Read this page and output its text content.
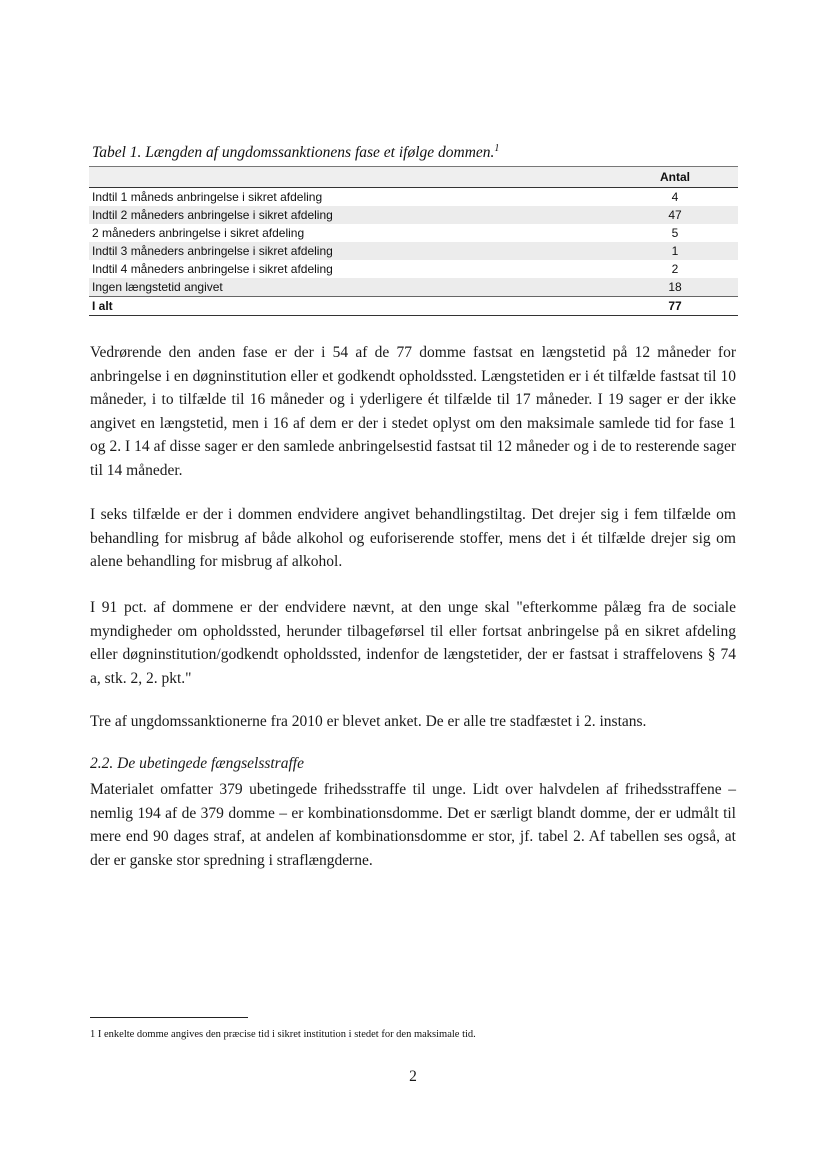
Tabel 1. Længden af ungdomssanktionens fase et ifølge dommen.$^1$
	Antal
Indtil 1 måneds anbringelse i sikret afdeling	4
Indtil 2 måneders anbringelse i sikret afdeling	47
2 måneders anbringelse i sikret afdeling	5
Indtil 3 måneders anbringelse i sikret afdeling	1
Indtil 4 måneders anbringelse i sikret afdeling	2
Ingen længstetid angivet	18
I alt	77

Vedrørende den anden fase er der i 54 af de 77 domme fastsat en længstetid på 12 måneder for anbringelse i en døgninstitution eller et godkendt opholdssted. Længstetiden er i ét tilfælde fastsat til 10 måneder, i to tilfælde til 16 måneder og i yderligere ét tilfælde til 17 måneder. I 19 sager er der ikke angivet en længstetid, men i 16 af dem er der i stedet oplyst om den maksimale samlede tid for fase 1 og 2. I 14 af disse sager er den samlede anbringelsestid fastsat til 12 måneder og i de to resterende sager til 14 måneder.

I seks tilfælde er der i dommen endvidere angivet behandlingstiltag. Det drejer sig i fem tilfælde om behandling for misbrug af både alkohol og euforiserende stoffer, mens det i ét tilfælde drejer sig om alene behandling for misbrug af alkohol.

I 91 pct. af dommene er der endvidere nævnt, at den unge skal "efterkomme pålæg fra de sociale myndigheder om opholdssted, herunder tilbageførsel til eller fortsat anbringelse på en sikret afdeling eller døgninstitution/godkendt opholdssted, indenfor de længstetider, der er fastsat i straffelovens § 74 a, stk. 2, 2. pkt."

Tre af ungdomssanktionerne fra 2010 er blevet anket. De er alle tre stadfæstet i 2. instans.

2.2. De ubetingede fængselsstraffe

Materialet omfatter 379 ubetingede frihedsstraffe til unge. Lidt over halvdelen af frihedsstraffene – nemlig 194 af de 379 domme – er kombinationsdomme. Det er særligt blandt domme, der er udmålt til mere end 90 dages straf, at andelen af kombinationsdomme er stor, jf. tabel 2. Af tabellen ses også, at der er ganske stor spredning i straflængderne.

1 I enkelte domme angives den præcise tid i sikret institution i stedet for den maksimale tid.
2
